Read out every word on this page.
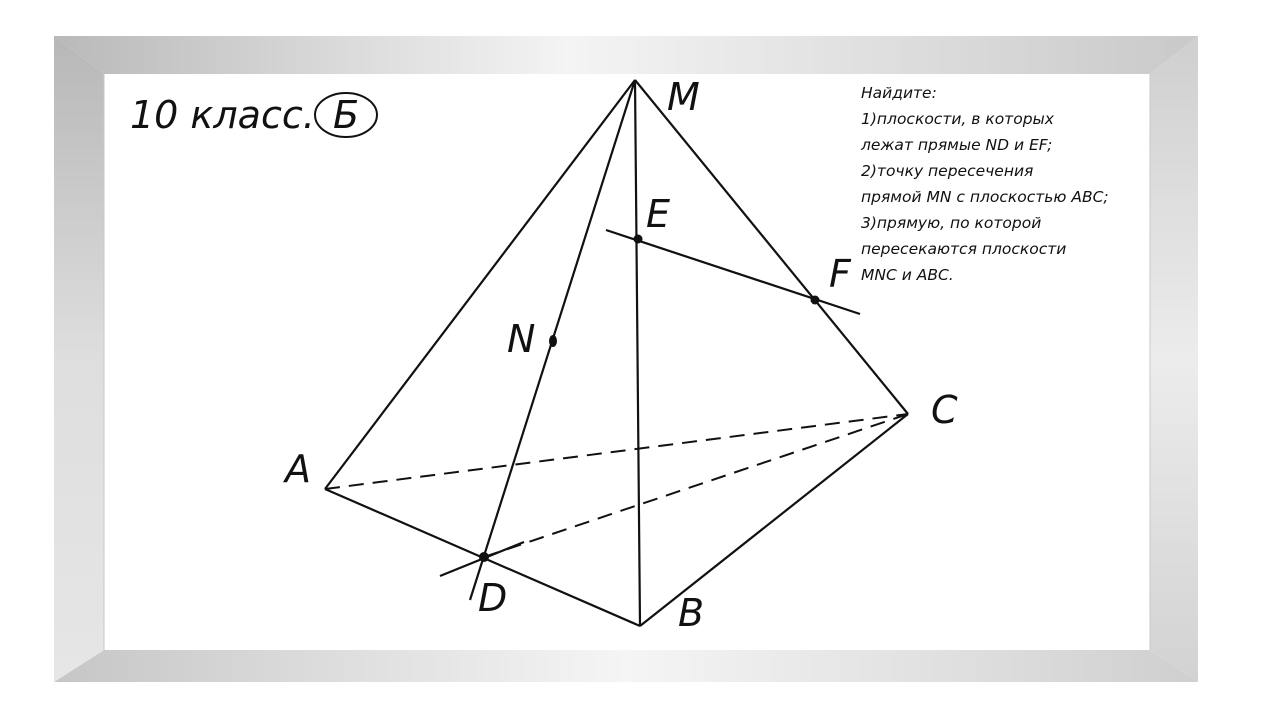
10 класс. Б	Найдите:
1)плоскости, в которых
лежат прямые ND и EF;
2)точку пересечения
прямой MN с плоскостью ABC;
3)прямую, по которой
пересекаются плоскости
MNC и ABC.
M
E
F
N
C
A
D	B
